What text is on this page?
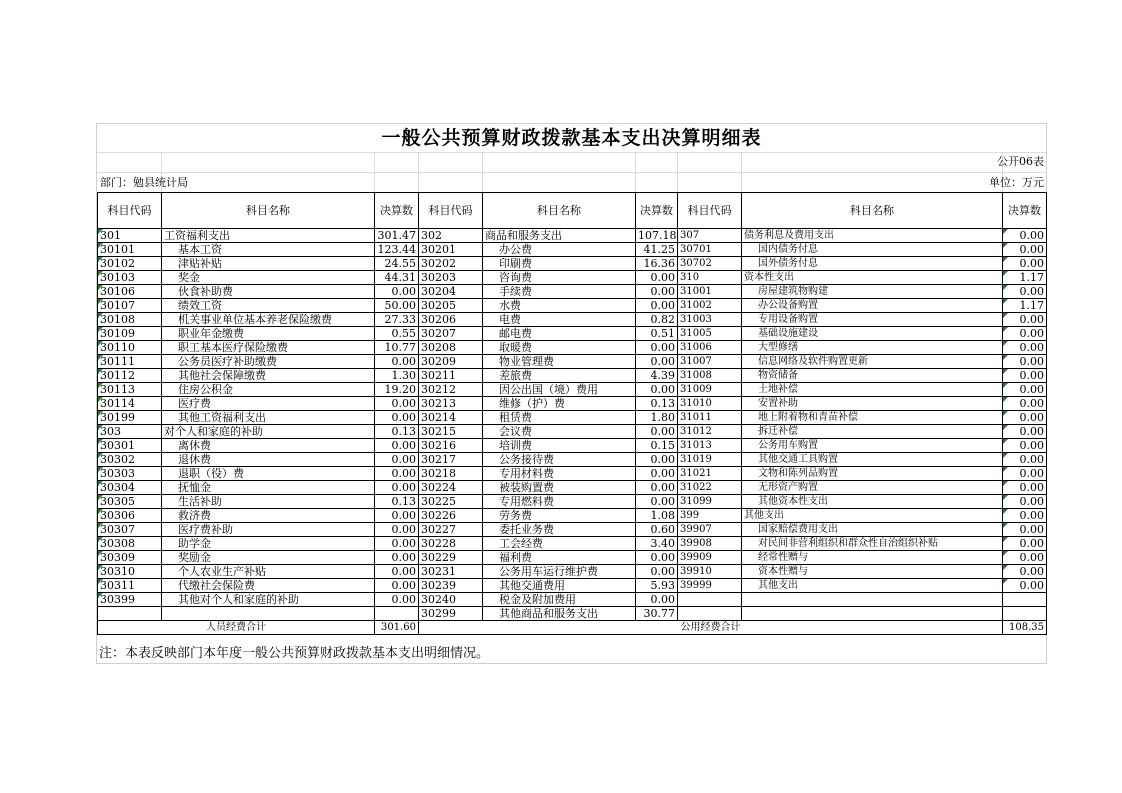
一般公共预算财政拨款基本支出决算明细表
公开06表
部门：勉县统计局	单位：万元
科目代码	科目名称	决算数	科目代码	科目名称	决算数	科目代码	科目名称	决算数
301	工资福利支出	301.47	302	商品和服务支出	107.18	307	债务利息及费用支出	0.00
30101	基本工资	123.44	30201	办公费	41.25	30701	国内债务付息	0.00
30102	津贴补贴	24.55	30202	印刷费	16.36	30702	国外债务付息	0.00
30103	奖金	44.31	30203	咨询费	0.00	310	资本性支出	1.17
30106	伙食补助费	0.00	30204	手续费	0.00	31001	房屋建筑物购建	0.00
30107	绩效工资	50.00	30205	水费	0.00	31002	办公设备购置	1.17
30108	机关事业单位基本养老保险缴费	27.33	30206	电费	0.82	31003	专用设备购置	0.00
30109	职业年金缴费	0.55	30207	邮电费	0.51	31005	基础设施建设	0.00
30110	职工基本医疗保险缴费	10.77	30208	取暖费	0.00	31006	大型修缮	0.00
30111	公务员医疗补助缴费	0.00	30209	物业管理费	0.00	31007	信息网络及软件购置更新	0.00
30112	其他社会保障缴费	1.30	30211	差旅费	4.39	31008	物资储备	0.00
30113	住房公积金	19.20	30212	因公出国（境）费用	0.00	31009	土地补偿	0.00
30114	医疗费	0.00	30213	维修（护）费	0.13	31010	安置补助	0.00
30199	其他工资福利支出	0.00	30214	租赁费	1.80	31011	地上附着物和青苗补偿	0.00
303	对个人和家庭的补助	0.13	30215	会议费	0.00	31012	拆迁补偿	0.00
30301	离休费	0.00	30216	培训费	0.15	31013	公务用车购置	0.00
30302	退休费	0.00	30217	公务接待费	0.00	31019	其他交通工具购置	0.00
30303	退职（役）费	0.00	30218	专用材料费	0.00	31021	文物和陈列品购置	0.00
30304	抚恤金	0.00	30224	被装购置费	0.00	31022	无形资产购置	0.00
30305	生活补助	0.13	30225	专用燃料费	0.00	31099	其他资本性支出	0.00
30306	救济费	0.00	30226	劳务费	1.08	399	其他支出	0.00
30307	医疗费补助	0.00	30227	委托业务费	0.60	39907	国家赔偿费用支出	0.00
30308	助学金	0.00	30228	工会经费	3.40	39908	对民间非营利组织和群众性自治组织补贴	0.00
30309	奖励金	0.00	30229	福利费	0.00	39909	经常性赠与	0.00
30310	个人农业生产补贴	0.00	30231	公务用车运行维护费	0.00	39910	资本性赠与	0.00
30311	代缴社会保险费	0.00	30239	其他交通费用	5.93	39999	其他支出	0.00
30399	其他对个人和家庭的补助	0.00	30240	税金及附加费用	0.00			
			30299	其他商品和服务支出	30.77			
人员经费合计		301.60	公用经费合计					108.35
注：本表反映部门本年度一般公共预算财政拨款基本支出明细情况。
